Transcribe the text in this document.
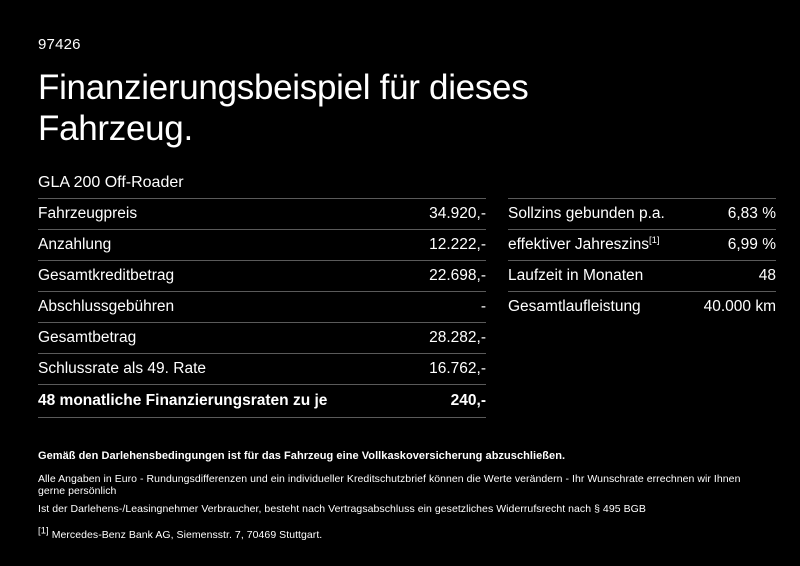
97426
Finanzierungsbeispiel für dieses Fahrzeug.
GLA 200 Off-Roader
Fahrzeugpreis	34.920,-
Anzahlung	12.222,-
Gesamtkreditbetrag	22.698,-
Abschlussgebühren	-
Gesamtbetrag	28.282,-
Schlussrate als 49. Rate	16.762,-
48 monatliche Finanzierungsraten zu je	240,-
Sollzins gebunden p.a.	6,83 %
effektiver Jahreszins[1]	6,99 %
Laufzeit in Monaten	48
Gesamtlaufleistung	40.000 km
Gemäß den Darlehensbedingungen ist für das Fahrzeug eine Vollkaskoversicherung abzuschließen.
Alle Angaben in Euro - Rundungsdifferenzen und ein individueller Kreditschutzbrief können die Werte verändern - Ihr Wunschrate errechnen wir Ihnen gerne persönlich
Ist der Darlehens-/Leasingnehmer Verbraucher, besteht nach Vertragsabschluss ein gesetzliches Widerrufsrecht nach § 495 BGB
[1] Mercedes-Benz Bank AG, Siemensstr. 7, 70469 Stuttgart.
